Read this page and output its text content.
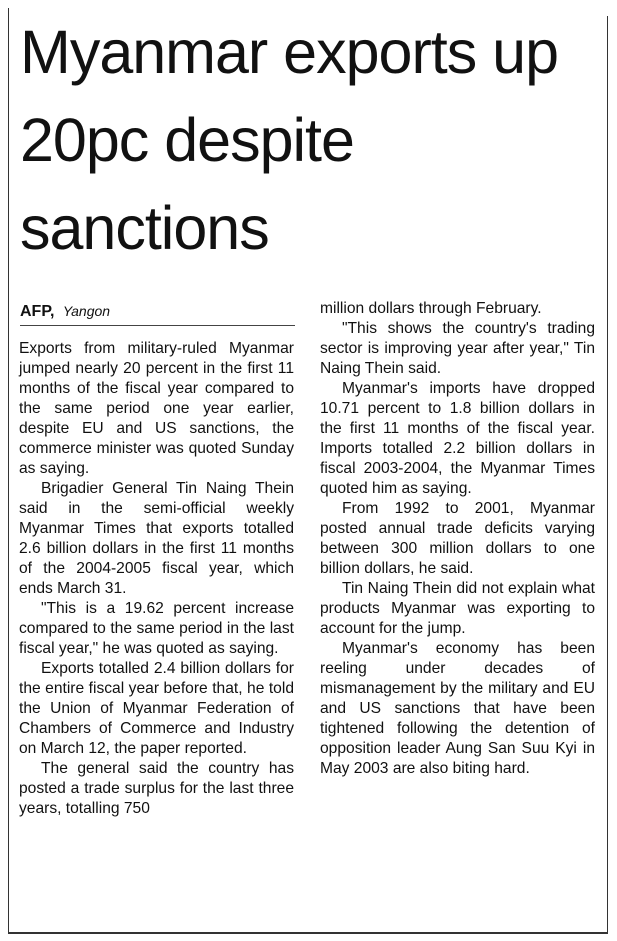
Myanmar exports up 20pc despite sanctions
AFP, Yangon

Exports from military-ruled Myanmar jumped nearly 20 percent in the first 11 months of the fiscal year compared to the same period one year earlier, despite EU and US sanctions, the commerce minister was quoted Sunday as saying.

Brigadier General Tin Naing Thein said in the semi-official weekly Myanmar Times that exports totalled 2.6 billion dollars in the first 11 months of the 2004-2005 fiscal year, which ends March 31.

"This is a 19.62 percent increase compared to the same period in the last fiscal year," he was quoted as saying.

Exports totalled 2.4 billion dollars for the entire fiscal year before that, he told the Union of Myanmar Federation of Chambers of Commerce and Industry on March 12, the paper reported.

The general said the country has posted a trade surplus for the last three years, totalling 750

million dollars through February.

"This shows the country's trading sector is improving year after year," Tin Naing Thein said.

Myanmar's imports have dropped 10.71 percent to 1.8 billion dollars in the first 11 months of the fiscal year. Imports totalled 2.2 billion dollars in fiscal 2003-2004, the Myanmar Times quoted him as saying.

From 1992 to 2001, Myanmar posted annual trade deficits varying between 300 million dollars to one billion dollars, he said.

Tin Naing Thein did not explain what products Myanmar was exporting to account for the jump.

Myanmar's economy has been reeling under decades of mismanagement by the military and EU and US sanctions that have been tightened following the detention of opposition leader Aung San Suu Kyi in May 2003 are also biting hard.
